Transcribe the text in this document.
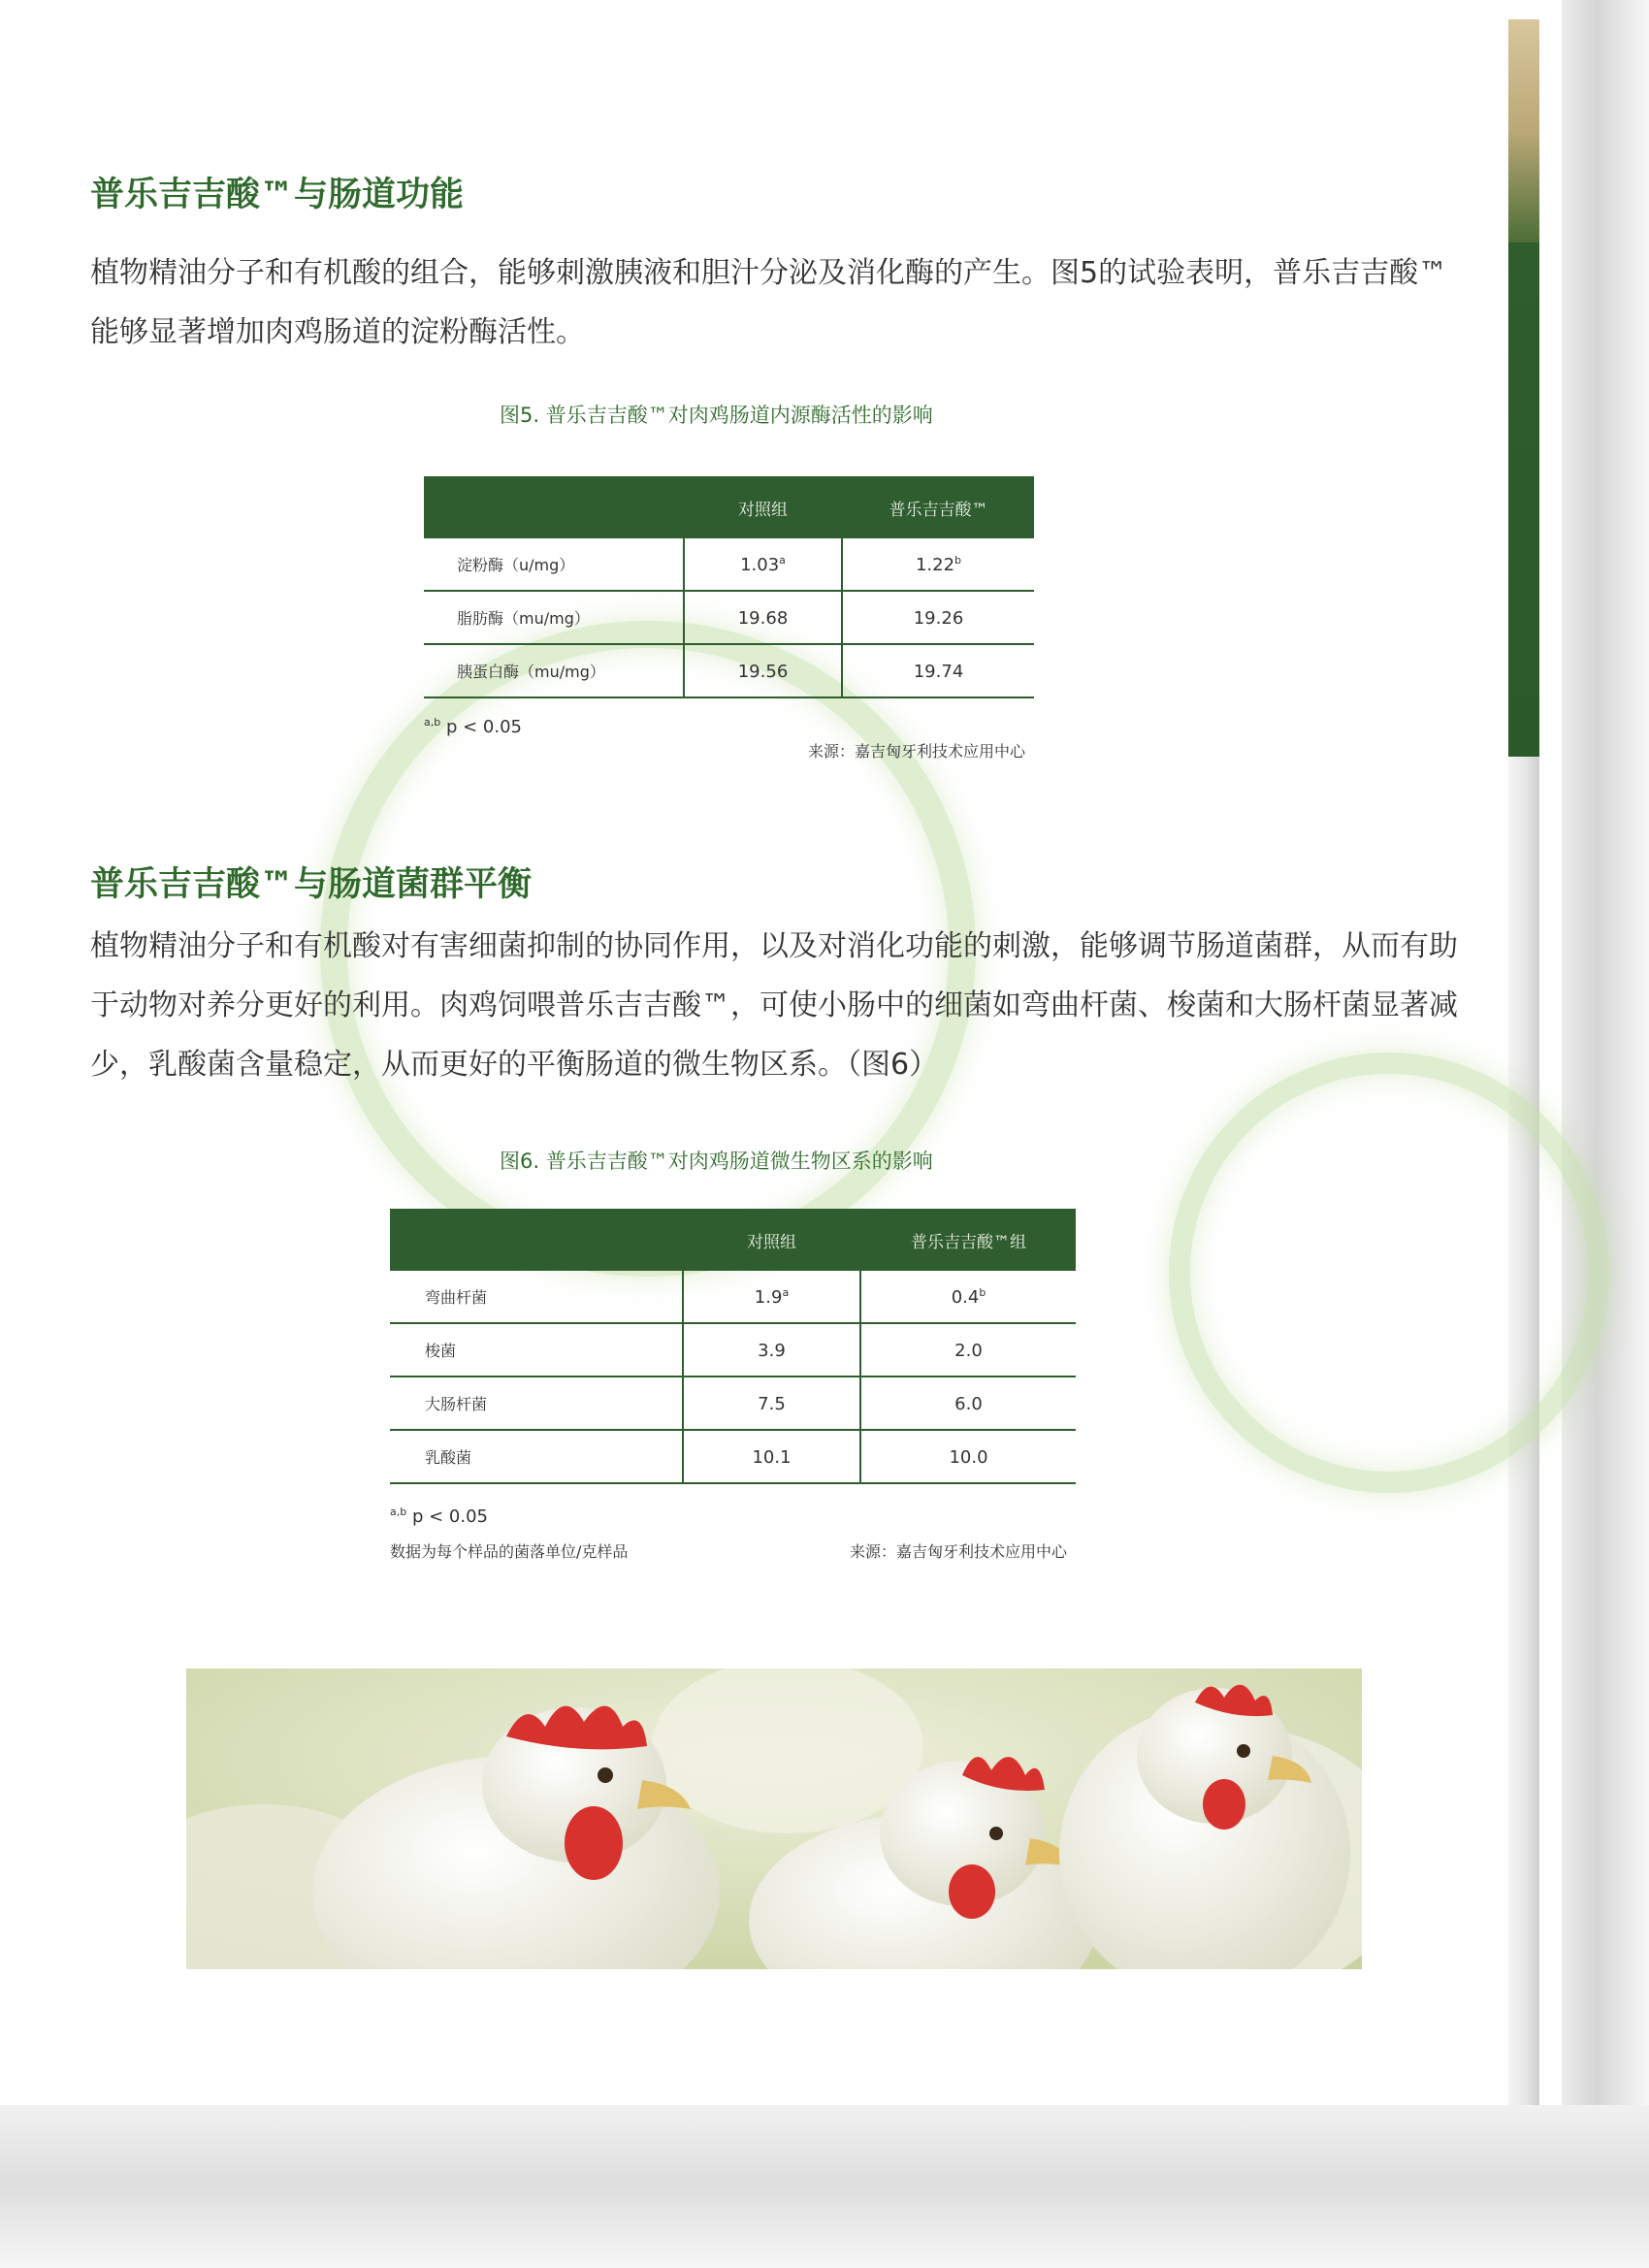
普乐吉吉酸™与肠道功能

植物精油分子和有机酸的组合，能够刺激胰液和胆汁分泌及消化酶的产生。图5的试验表明，普乐吉吉酸™能够显著增加肉鸡肠道的淀粉酶活性。

图5. 普乐吉吉酸™对肉鸡肠道内源酶活性的影响
	对照组	普乐吉吉酸™
淀粉酶（u/mg）	1.03$^a$	1.22$^b$
脂肪酶（mu/mg）	19.68	19.26
胰蛋白酶（mu/mg）	19.56	19.74
$^{a,b}$ p < 0.05
来源：嘉吉匈牙利技术应用中心
普乐吉吉酸™与肠道菌群平衡

植物精油分子和有机酸对有害细菌抑制的协同作用，以及对消化功能的刺激，能够调节肠道菌群，从而有助于动物对养分更好的利用。肉鸡饲喂普乐吉吉酸™，可使小肠中的细菌如弯曲杆菌、梭菌和大肠杆菌显著减少，乳酸菌含量稳定，从而更好的平衡肠道的微生物区系。（图6）

图6. 普乐吉吉酸™对肉鸡肠道微生物区系的影响
	对照组	普乐吉吉酸™组
弯曲杆菌	1.9$^a$	0.4$^b$
梭菌	3.9	2.0
大肠杆菌	7.5	6.0
乳酸菌	10.1	10.0
$^{a,b}$ p < 0.05
数据为每个样品的菌落单位/克样品	来源：嘉吉匈牙利技术应用中心
